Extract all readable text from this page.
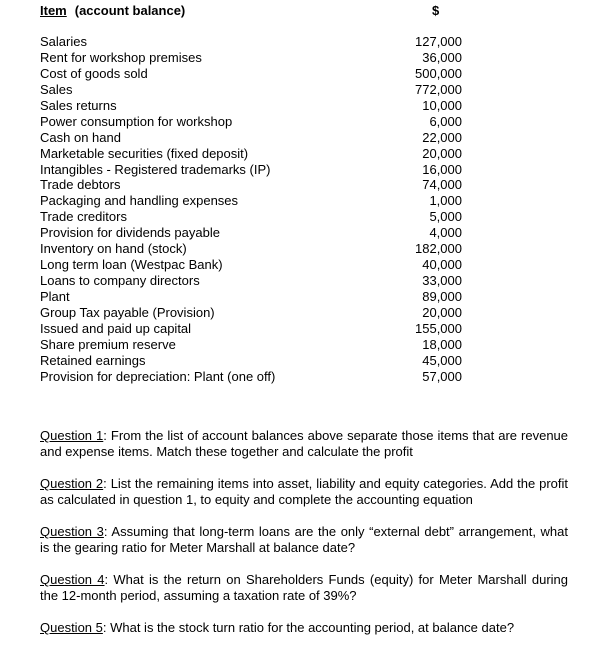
Item (account balance)	$
Salaries	127,000
Rent for workshop premises	36,000
Cost of goods sold	500,000
Sales	772,000
Sales returns	10,000
Power consumption for workshop	6,000
Cash on hand	22,000
Marketable securities (fixed deposit)	20,000
Intangibles - Registered trademarks (IP)	16,000
Trade debtors	74,000
Packaging and handling expenses	1,000
Trade creditors	5,000
Provision for dividends payable	4,000
Inventory on hand (stock)	182,000
Long term loan (Westpac Bank)	40,000
Loans to company directors	33,000
Plant	89,000
Group Tax payable (Provision)	20,000
Issued and paid up capital	155,000
Share premium reserve	18,000
Retained earnings	45,000
Provision for depreciation: Plant (one off)	57,000

Question 1: From the list of account balances above separate those items that are revenue and expense items. Match these together and calculate the profit

Question 2: List the remaining items into asset, liability and equity categories. Add the profit as calculated in question 1, to equity and complete the accounting equation

Question 3: Assuming that long-term loans are the only “external debt” arrangement, what is the gearing ratio for Meter Marshall at balance date?

Question 4: What is the return on Shareholders Funds (equity) for Meter Marshall during the 12-month period, assuming a taxation rate of 39%?

Question 5: What is the stock turn ratio for the accounting period, at balance date?
